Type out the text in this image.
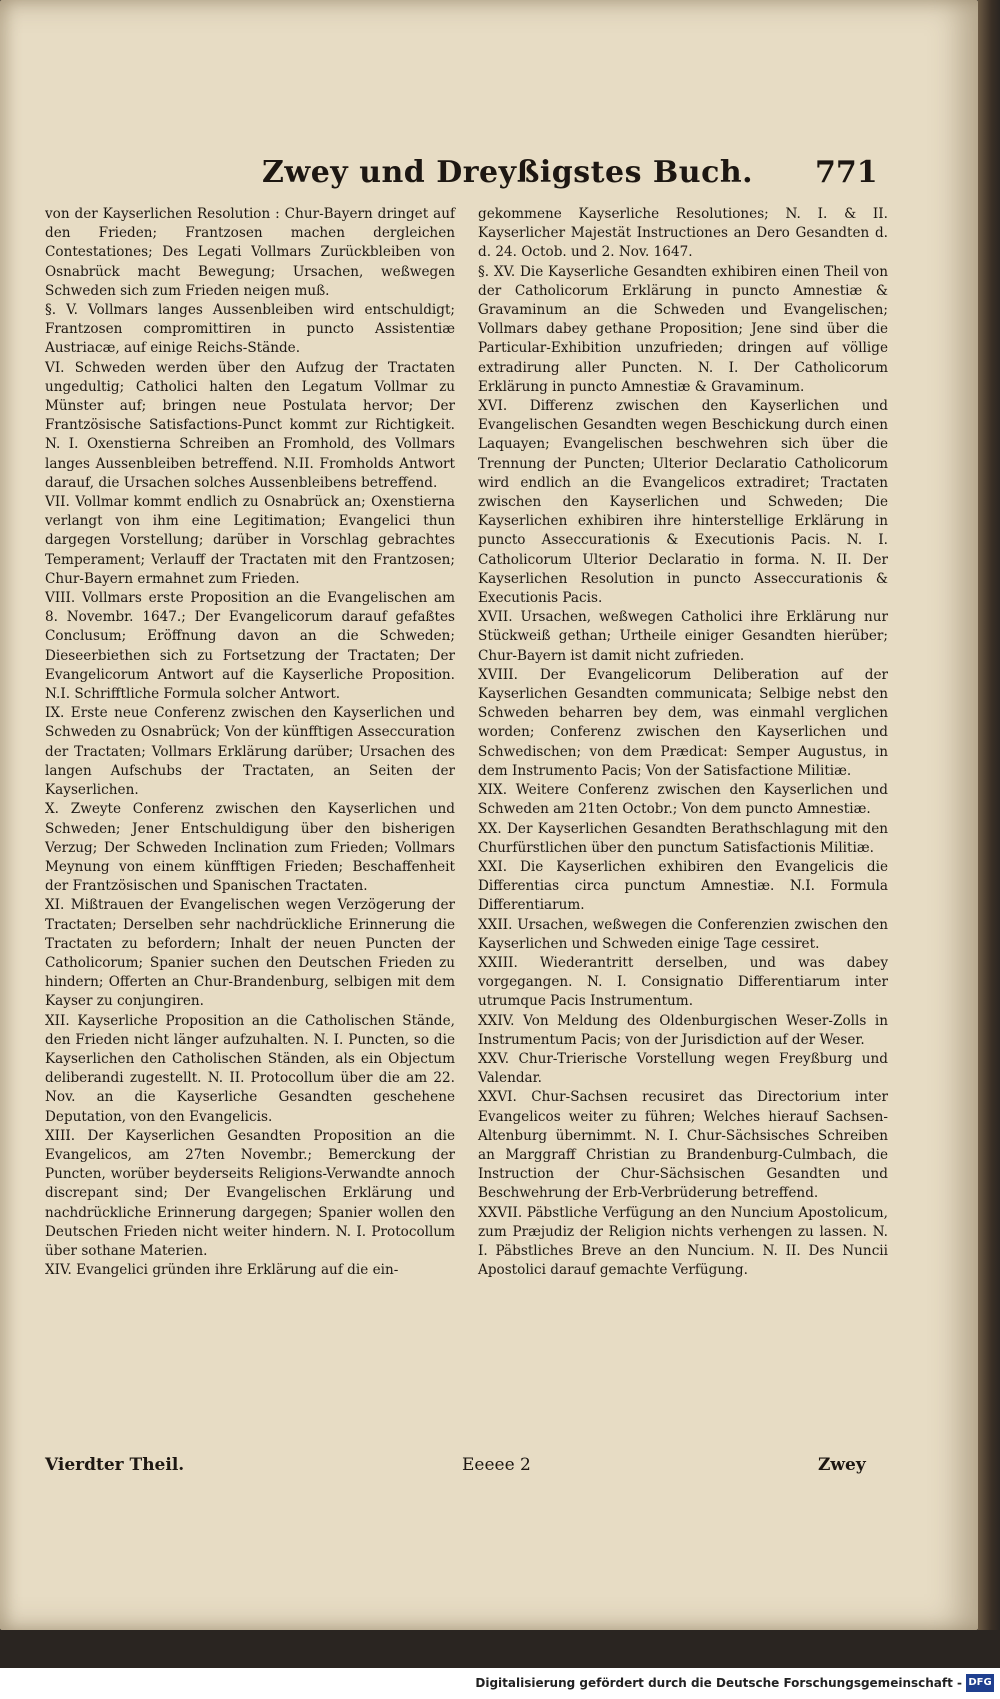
Zwey und Dreyßigstes Buch. 771
von der Kayserlichen Resolution : Chur-Bayern dringet auf den Frieden; Frantzosen machen dergleichen Contestationes; Des Legati Vollmars Zurückbleiben von Osnabrück macht Bewegung; Ursachen, weßwegen Schweden sich zum Frieden neigen muß.
§. V. Vollmars langes Aussenbleiben wird entschuldigt; Frantzosen compromittiren in puncto Assistentiæ Austriacæ, auf einige Reichs-Stände.
VI. Schweden werden über den Aufzug der Tractaten ungedultig; Catholici halten den Legatum Vollmar zu Münster auf; bringen neue Postulata hervor; Der Frantzösische Satisfactions-Punct kommt zur Richtigkeit. N. I. Oxenstierna Schreiben an Fromhold, des Vollmars langes Aussenbleiben betreffend. N.II. Fromholds Antwort darauf, die Ursachen solches Aussenbleibens betreffend.
VII. Vollmar kommt endlich zu Osnabrück an; Oxenstierna verlangt von ihm eine Legitimation; Evangelici thun dargegen Vorstellung; darüber in Vorschlag gebrachtes Temperament; Verlauff der Tractaten mit den Frantzosen; Chur-Bayern ermahnet zum Frieden.
VIII. Vollmars erste Proposition an die Evangelischen am 8. Novembr. 1647.; Der Evangelicorum darauf gefaßtes Conclusum; Eröffnung davon an die Schweden; Dieseerbiethen sich zu Fortsetzung der Tractaten; Der Evangelicorum Antwort auf die Kayserliche Proposition. N.I. Schrifftliche Formula solcher Antwort.
IX. Erste neue Conferenz zwischen den Kayserlichen und Schweden zu Osnabrück; Von der künfftigen Asseccuration der Tractaten; Vollmars Erklärung darüber; Ursachen des langen Aufschubs der Tractaten, an Seiten der Kayserlichen.
X. Zweyte Conferenz zwischen den Kayserlichen und Schweden; Jener Entschuldigung über den bisherigen Verzug; Der Schweden Inclination zum Frieden; Vollmars Meynung von einem künfftigen Frieden; Beschaffenheit der Frantzösischen und Spanischen Tractaten.
XI. Mißtrauen der Evangelischen wegen Verzögerung der Tractaten; Derselben sehr nachdrückliche Erinnerung die Tractaten zu befordern; Inhalt der neuen Puncten der Catholicorum; Spanier suchen den Deutschen Frieden zu hindern; Offerten an Chur-Brandenburg, selbigen mit dem Kayser zu conjungiren.
XII. Kayserliche Proposition an die Catholischen Stände, den Frieden nicht länger aufzuhalten. N. I. Puncten, so die Kayserlichen den Catholischen Ständen, als ein Objectum deliberandi zugestellt. N. II. Protocollum über die am 22. Nov. an die Kayserliche Gesandten geschehene Deputation, von den Evangelicis.
XIII. Der Kayserlichen Gesandten Proposition an die Evangelicos, am 27ten Novembr.; Bemerckung der Puncten, worüber beyderseits Religions-Verwandte annoch discrepant sind; Der Evangelischen Erklärung und nachdrückliche Erinnerung dargegen; Spanier wollen den Deutschen Frieden nicht weiter hindern. N. I. Protocollum über sothane Materien.
XIV. Evangelici gründen ihre Erklärung auf die ein-
gekommene Kayserliche Resolutiones; N. I. & II. Kayserlicher Majestät Instructiones an Dero Gesandten d. d. 24. Octob. und 2. Nov. 1647.
§. XV. Die Kayserliche Gesandten exhibiren einen Theil von der Catholicorum Erklärung in puncto Amnestiæ & Gravaminum an die Schweden und Evangelischen; Vollmars dabey gethane Proposition; Jene sind über die Particular-Exhibition unzufrieden; dringen auf völlige extradirung aller Puncten. N. I. Der Catholicorum Erklärung in puncto Amnestiæ & Gravaminum.
XVI. Differenz zwischen den Kayserlichen und Evangelischen Gesandten wegen Beschickung durch einen Laquayen; Evangelischen beschwehren sich über die Trennung der Puncten; Ulterior Declaratio Catholicorum wird endlich an die Evangelicos extradiret; Tractaten zwischen den Kayserlichen und Schweden; Die Kayserlichen exhibiren ihre hinterstellige Erklärung in puncto Asseccurationis & Executionis Pacis. N. I. Catholicorum Ulterior Declaratio in forma. N. II. Der Kayserlichen Resolution in puncto Asseccurationis & Executionis Pacis.
XVII. Ursachen, weßwegen Catholici ihre Erklärung nur Stückweiß gethan; Urtheile einiger Gesandten hierüber; Chur-Bayern ist damit nicht zufrieden.
XVIII. Der Evangelicorum Deliberation auf der Kayserlichen Gesandten communicata; Selbige nebst den Schweden beharren bey dem, was einmahl verglichen worden; Conferenz zwischen den Kayserlichen und Schwedischen; von dem Prædicat: Semper Augustus, in dem Instrumento Pacis; Von der Satisfactione Militiæ.
XIX. Weitere Conferenz zwischen den Kayserlichen und Schweden am 21ten Octobr.; Von dem puncto Amnestiæ.
XX. Der Kayserlichen Gesandten Berathschlagung mit den Churfürstlichen über den punctum Satisfactionis Militiæ.
XXI. Die Kayserlichen exhibiren den Evangelicis die Differentias circa punctum Amnestiæ. N.I. Formula Differentiarum.
XXII. Ursachen, weßwegen die Conferenzien zwischen den Kayserlichen und Schweden einige Tage cessiret.
XXIII. Wiederantritt derselben, und was dabey vorgegangen. N. I. Consignatio Differentiarum inter utrumque Pacis Instrumentum.
XXIV. Von Meldung des Oldenburgischen Weser-Zolls in Instrumentum Pacis; von der Jurisdiction auf der Weser.
XXV. Chur-Trierische Vorstellung wegen Freyßburg und Valendar.
XXVI. Chur-Sachsen recusiret das Directorium inter Evangelicos weiter zu führen; Welches hierauf Sachsen-Altenburg übernimmt. N. I. Chur-Sächsisches Schreiben an Marggraff Christian zu Brandenburg-Culmbach, die Instruction der Chur-Sächsischen Gesandten und Beschwehrung der Erb-Verbrüderung betreffend.
XXVII. Päbstliche Verfügung an den Nuncium Apostolicum, zum Præjudiz der Religion nichts verhengen zu lassen. N. I. Päbstliches Breve an den Nuncium. N. II. Des Nuncii Apostolici darauf gemachte Verfügung.
Vierdter Theil.	Eeeee 2	Zwey
Digitalisierung gefördert durch die Deutsche Forschungsgemeinschaft - DFG
